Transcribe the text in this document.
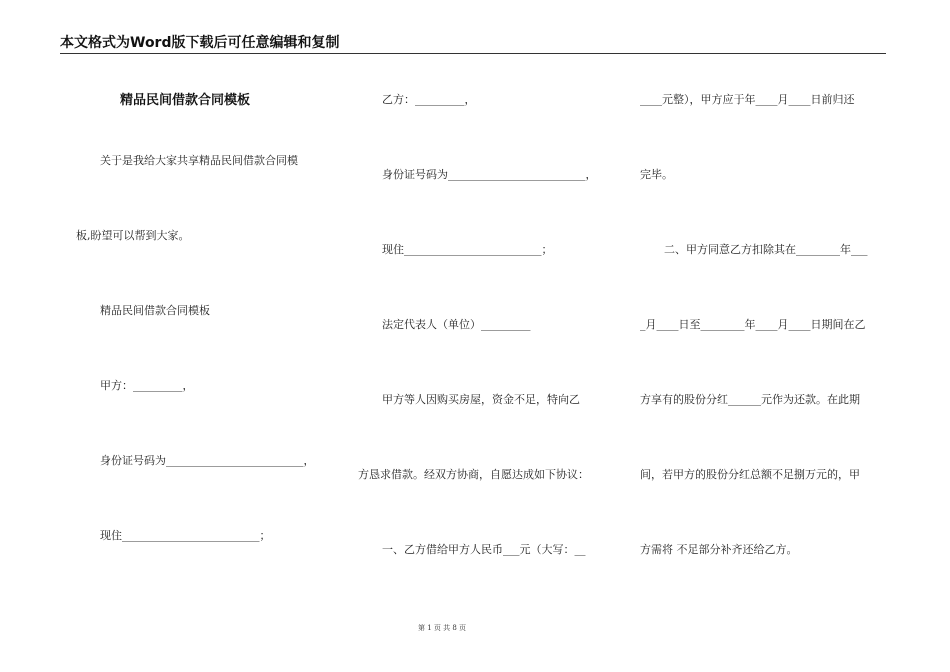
本文格式为Word版下载后可任意编辑和复制
精品民间借款合同模板
关于是我给大家共享精品民间借款合同模
板,盼望可以帮到大家。
精品民间借款合同模板
甲方：_________，
身份证号码为_________________________，
现住_________________________；
乙方：_________，
身份证号码为_________________________，
现住_________________________；
法定代表人（单位）_________
甲方等人因购买房屋，资金不足，特向乙
方恳求借款。经双方协商，自愿达成如下协议：
一、乙方借给甲方人民币___元（大写：__
____元整），甲方应于年____月____日前归还
完毕。
二、甲方同意乙方扣除其在________年___
_月____日至________年____月____日期间在乙
方享有的股份分红______元作为还款。在此期
间，若甲方的股份分红总额不足捌万元的，甲
方需将 不足部分补齐还给乙方。
第 1 页 共 8 页
